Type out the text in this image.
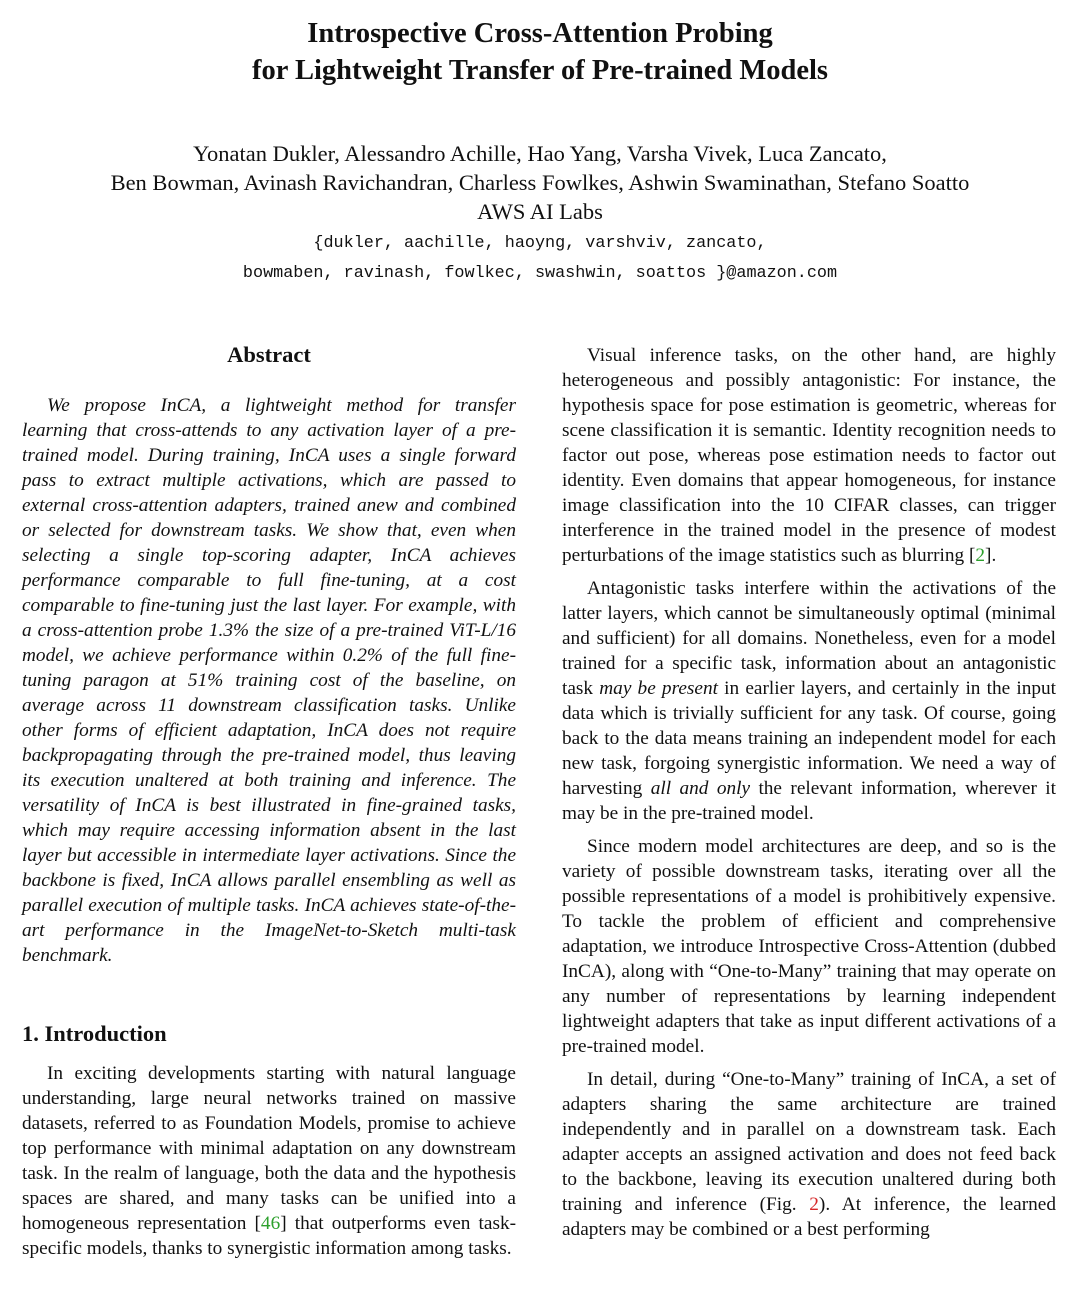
Introspective Cross-Attention Probing
for Lightweight Transfer of Pre-trained Models
Yonatan Dukler, Alessandro Achille, Hao Yang, Varsha Vivek, Luca Zancato,
Ben Bowman, Avinash Ravichandran, Charless Fowlkes, Ashwin Swaminathan, Stefano Soatto
AWS AI Labs
{dukler, aachille, haoyng, varshviv, zancato,
bowmaben, ravinash, fowlkec, swashwin, soattos }@amazon.com
Abstract

We propose InCA, a lightweight method for transfer learning that cross-attends to any activation layer of a pre-trained model. During training, InCA uses a single forward pass to extract multiple activations, which are passed to external cross-attention adapters, trained anew and combined or selected for downstream tasks. We show that, even when selecting a single top-scoring adapter, InCA achieves performance comparable to full fine-tuning, at a cost comparable to fine-tuning just the last layer. For example, with a cross-attention probe 1.3% the size of a pre-trained ViT-L/16 model, we achieve performance within 0.2% of the full fine-tuning paragon at 51% training cost of the baseline, on average across 11 downstream classification tasks. Unlike other forms of efficient adaptation, InCA does not require backpropagating through the pre-trained model, thus leaving its execution unaltered at both training and inference. The versatility of InCA is best illustrated in fine-grained tasks, which may require accessing information absent in the last layer but accessible in intermediate layer activations. Since the backbone is fixed, InCA allows parallel ensembling as well as parallel execution of multiple tasks. InCA achieves state-of-the-art performance in the ImageNet-to-Sketch multi-task benchmark.

1. Introduction

In exciting developments starting with natural language understanding, large neural networks trained on massive datasets, referred to as Foundation Models, promise to achieve top performance with minimal adaptation on any downstream task. In the realm of language, both the data and the hypothesis spaces are shared, and many tasks can be unified into a homogeneous representation [46] that outperforms even task-specific models, thanks to synergistic information among tasks.

Visual inference tasks, on the other hand, are highly heterogeneous and possibly antagonistic: For instance, the hypothesis space for pose estimation is geometric, whereas for scene classification it is semantic. Identity recognition needs to factor out pose, whereas pose estimation needs to factor out identity. Even domains that appear homogeneous, for instance image classification into the 10 CIFAR classes, can trigger interference in the trained model in the presence of modest perturbations of the image statistics such as blurring [2].

Antagonistic tasks interfere within the activations of the latter layers, which cannot be simultaneously optimal (minimal and sufficient) for all domains. Nonetheless, even for a model trained for a specific task, information about an antagonistic task may be present in earlier layers, and certainly in the input data which is trivially sufficient for any task. Of course, going back to the data means training an independent model for each new task, forgoing synergistic information. We need a way of harvesting all and only the relevant information, wherever it may be in the pre-trained model.

Since modern model architectures are deep, and so is the variety of possible downstream tasks, iterating over all the possible representations of a model is prohibitively expensive. To tackle the problem of efficient and comprehensive adaptation, we introduce Introspective Cross-Attention (dubbed InCA), along with “One-to-Many” training that may operate on any number of representations by learning independent lightweight adapters that take as input different activations of a pre-trained model.

In detail, during “One-to-Many” training of InCA, a set of adapters sharing the same architecture are trained independently and in parallel on a downstream task. Each adapter accepts an assigned activation and does not feed back to the backbone, leaving its execution unaltered during both training and inference (Fig. 2). At inference, the learned adapters may be combined or a best performing
